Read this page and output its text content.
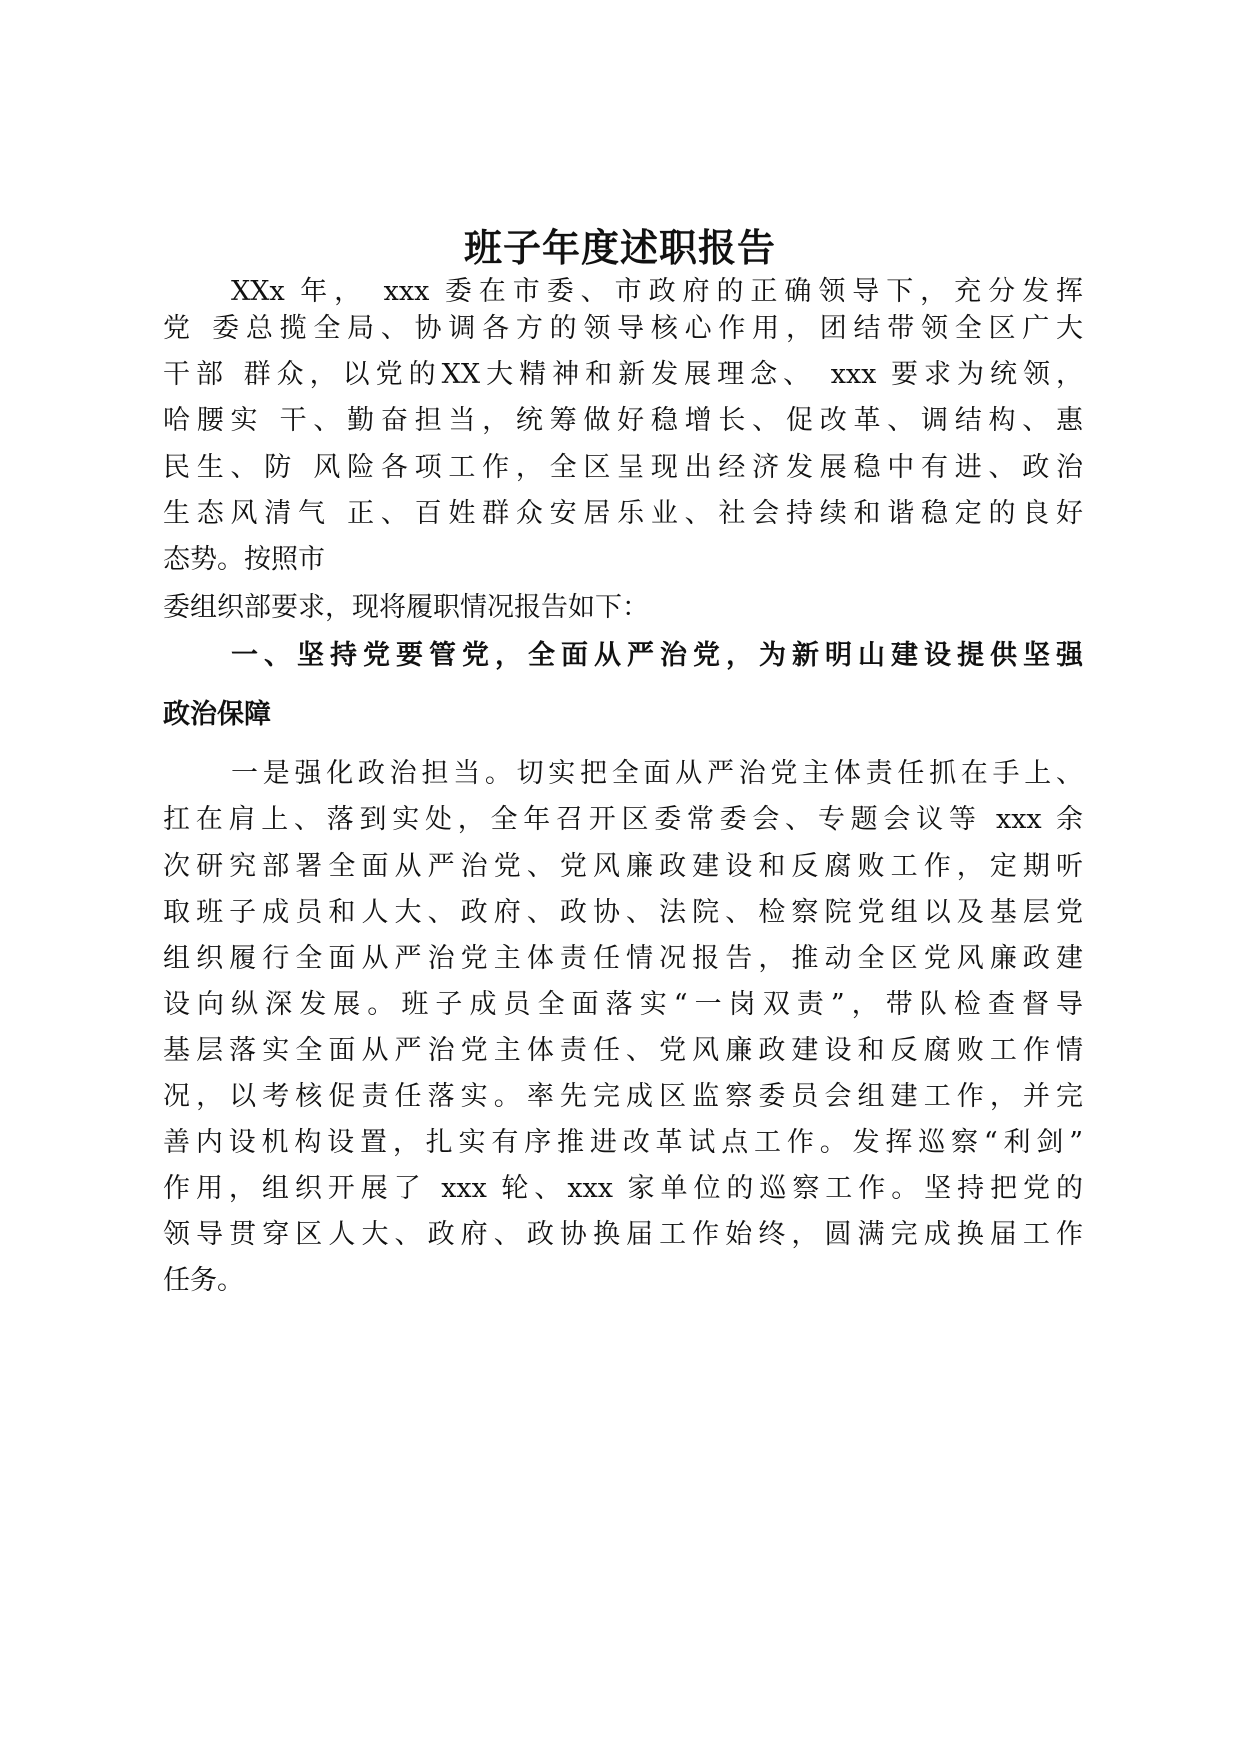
班子年度述职报告
XXx 年， xxx 委在市委、市政府的正确领导下，充分发挥
党 委总揽全局、协调各方的领导核心作用，团结带领全区广大
干部 群众，以党的XX大精神和新发展理念、 xxx 要求为统领，
哈腰实 干、勤奋担当，统筹做好稳增长、促改革、调结构、惠
民生、防 风险各项工作，全区呈现出经济发展稳中有进、政治
生态风清气 正、百姓群众安居乐业、社会持续和谐稳定的良好
态势。按照市
委组织部要求，现将履职情况报告如下：
一、坚持党要管党，全面从严治党，为新明山建设提供坚强
政治保障
一是强化政治担当。切实把全面从严治党主体责任抓在手上、
扛在肩上、落到实处，全年召开区委常委会、专题会议等 xxx 余
次研究部署全面从严治党、党风廉政建设和反腐败工作，定期听
取班子成员和人大、政府、政协、法院、检察院党组以及基层党
组织履行全面从严治党主体责任情况报告，推动全区党风廉政建
设向纵深发展。班子成员全面落实“一岗双责”，带队检查督导
基层落实全面从严治党主体责任、党风廉政建设和反腐败工作情
况，以考核促责任落实。率先完成区监察委员会组建工作，并完
善内设机构设置，扎实有序推进改革试点工作。发挥巡察“利剑”
作用，组织开展了 xxx 轮、xxx 家单位的巡察工作。坚持把党的
领导贯穿区人大、政府、政协换届工作始终，圆满完成换届工作
任务。
